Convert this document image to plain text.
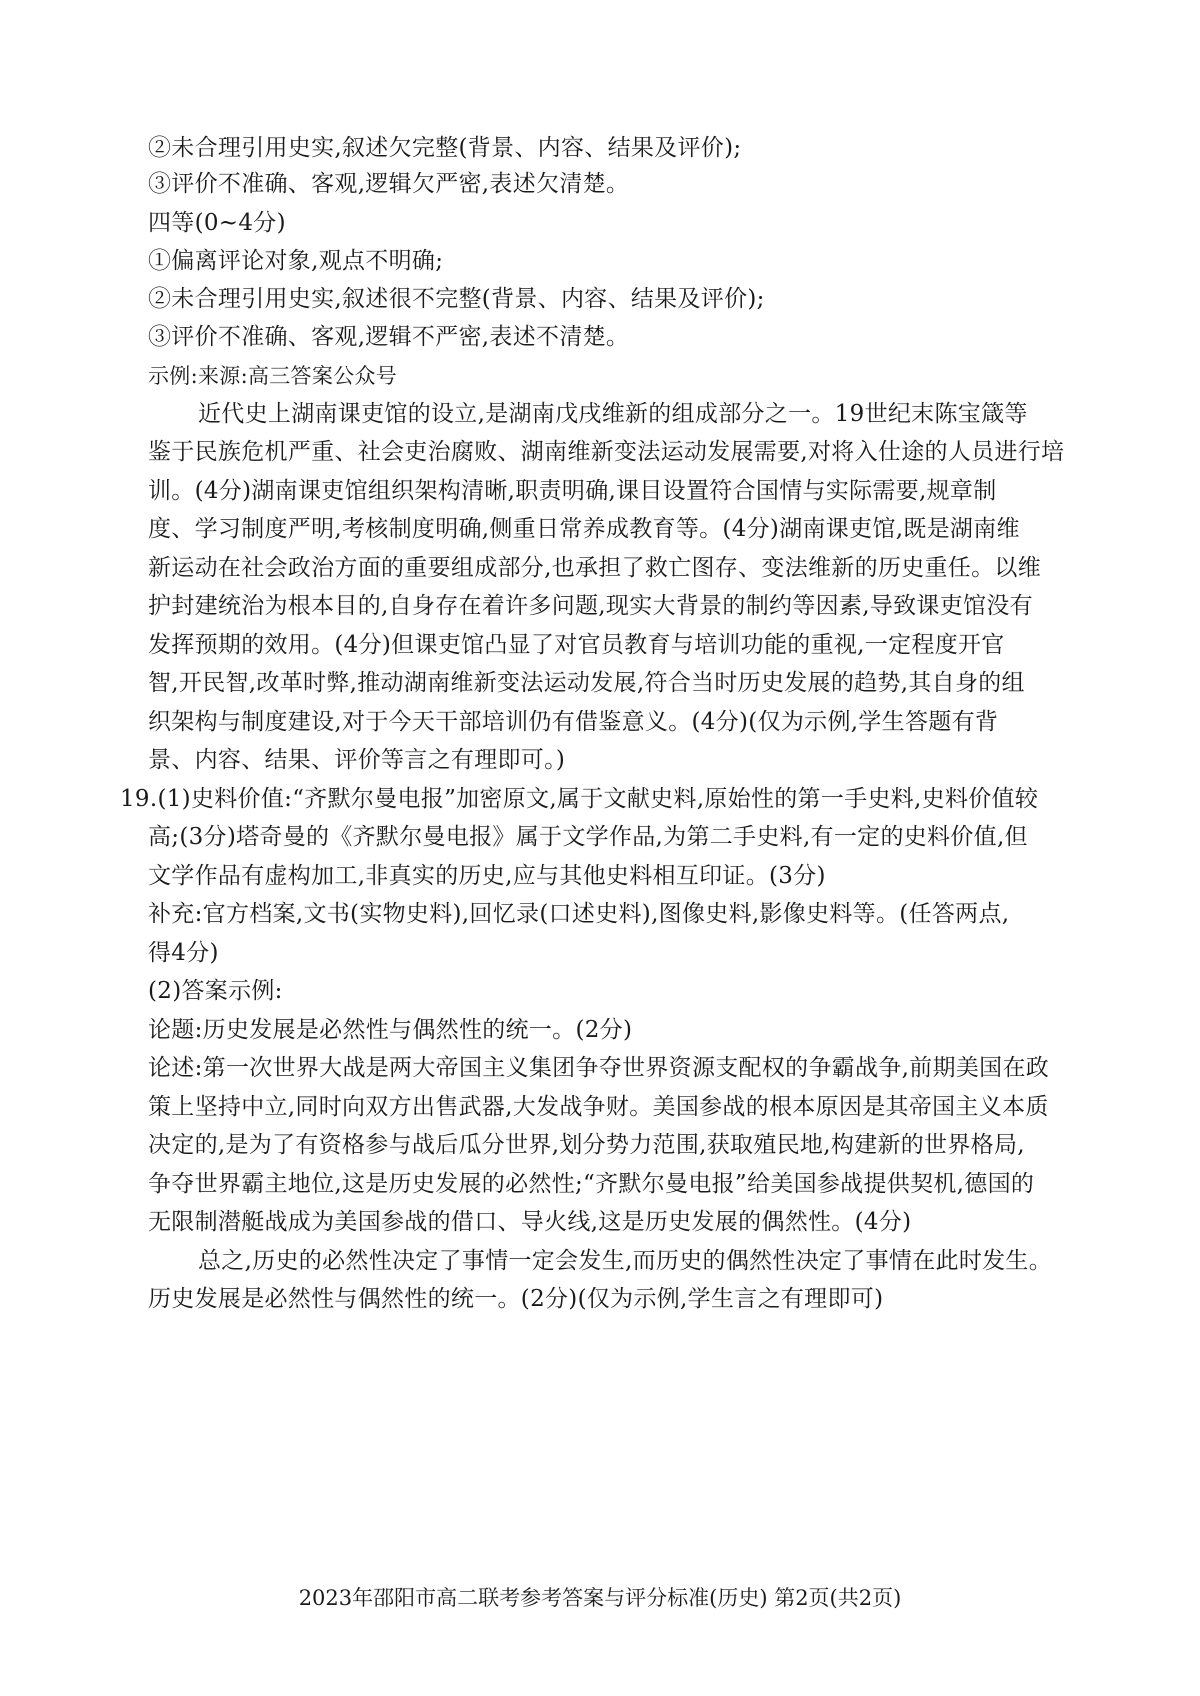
②未合理引用史实,叙述欠完整(背景、内容、结果及评价);
③评价不准确、客观,逻辑欠严密,表述欠清楚。
四等(0~4分)
①偏离评论对象,观点不明确;
②未合理引用史实,叙述很不完整(背景、内容、结果及评价);
③评价不准确、客观,逻辑不严密,表述不清楚。
示例:来源:高三答案公众号
近代史上湖南课吏馆的设立,是湖南戊戌维新的组成部分之一。19世纪末陈宝箴等
鉴于民族危机严重、社会吏治腐败、湖南维新变法运动发展需要,对将入仕途的人员进行培
训。(4分)湖南课吏馆组织架构清晰,职责明确,课目设置符合国情与实际需要,规章制
度、学习制度严明,考核制度明确,侧重日常养成教育等。(4分)湖南课吏馆,既是湖南维
新运动在社会政治方面的重要组成部分,也承担了救亡图存、变法维新的历史重任。以维
护封建统治为根本目的,自身存在着许多问题,现实大背景的制约等因素,导致课吏馆没有
发挥预期的效用。(4分)但课吏馆凸显了对官员教育与培训功能的重视,一定程度开官
智,开民智,改革时弊,推动湖南维新变法运动发展,符合当时历史发展的趋势,其自身的组
织架构与制度建设,对于今天干部培训仍有借鉴意义。(4分)(仅为示例,学生答题有背
景、内容、结果、评价等言之有理即可。)
19.(1)史料价值:“齐默尔曼电报”加密原文,属于文献史料,原始性的第一手史料,史料价值较
高;(3分)塔奇曼的《齐默尔曼电报》属于文学作品,为第二手史料,有一定的史料价值,但
文学作品有虚构加工,非真实的历史,应与其他史料相互印证。(3分)
补充:官方档案,文书(实物史料),回忆录(口述史料),图像史料,影像史料等。(任答两点,
得4分)
(2)答案示例:
论题:历史发展是必然性与偶然性的统一。(2分)
论述:第一次世界大战是两大帝国主义集团争夺世界资源支配权的争霸战争,前期美国在政
策上坚持中立,同时向双方出售武器,大发战争财。美国参战的根本原因是其帝国主义本质
决定的,是为了有资格参与战后瓜分世界,划分势力范围,获取殖民地,构建新的世界格局,
争夺世界霸主地位,这是历史发展的必然性;“齐默尔曼电报”给美国参战提供契机,德国的
无限制潜艇战成为美国参战的借口、导火线,这是历史发展的偶然性。(4分)
总之,历史的必然性决定了事情一定会发生,而历史的偶然性决定了事情在此时发生。
历史发展是必然性与偶然性的统一。(2分)(仅为示例,学生言之有理即可)
2023年邵阳市高二联考参考答案与评分标准(历史) 第2页(共2页)
